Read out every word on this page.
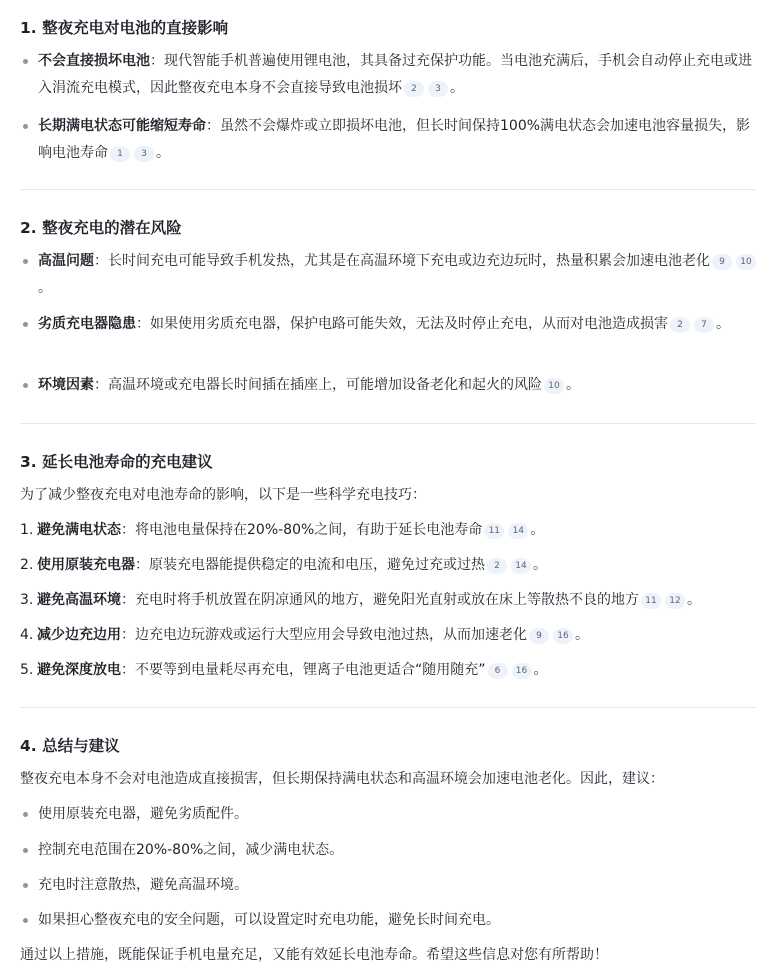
1. 整夜充电对电池的直接影响
不会直接损坏电池：现代智能手机普遍使用锂电池，其具备过充保护功能。当电池充满后，手机会自动停止充电或进入涓流充电模式，因此整夜充电本身不会直接导致电池损坏 2 3 。
长期满电状态可能缩短寿命：虽然不会爆炸或立即损坏电池，但长时间保持100%满电状态会加速电池容量损失，影响电池寿命 1 3 。
2. 整夜充电的潜在风险
高温问题：长时间充电可能导致手机发热，尤其是在高温环境下充电或边充边玩时，热量积累会加速电池老化 9 10。
劣质充电器隐患：如果使用劣质充电器，保护电路可能失效，无法及时停止充电，从而对电池造成损害 2 7 。
环境因素：高温环境或充电器长时间插在插座上，可能增加设备老化和起火的风险 10 。
3. 延长电池寿命的充电建议
为了减少整夜充电对电池寿命的影响，以下是一些科学充电技巧：
1. 避免满电状态：将电池电量保持在20%-80%之间，有助于延长电池寿命 11 14 。
2. 使用原装充电器：原装充电器能提供稳定的电流和电压，避免过充或过热 2 14 。
3. 避免高温环境：充电时将手机放置在阴凉通风的地方，避免阳光直射或放在床上等散热不良的地方 11 12 。
4. 减少边充边用：边充电边玩游戏或运行大型应用会导致电池过热，从而加速老化 9 16 。
5. 避免深度放电：不要等到电量耗尽再充电，锂离子电池更适合“随用随充” 6 16 。
4. 总结与建议
整夜充电本身不会对电池造成直接损害，但长期保持满电状态和高温环境会加速电池老化。因此，建议：
使用原装充电器，避免劣质配件。
控制充电范围在20%-80%之间，减少满电状态。
充电时注意散热，避免高温环境。
如果担心整夜充电的安全问题，可以设置定时充电功能，避免长时间充电。
通过以上措施，既能保证手机电量充足，又能有效延长电池寿命。希望这些信息对您有所帮助！
